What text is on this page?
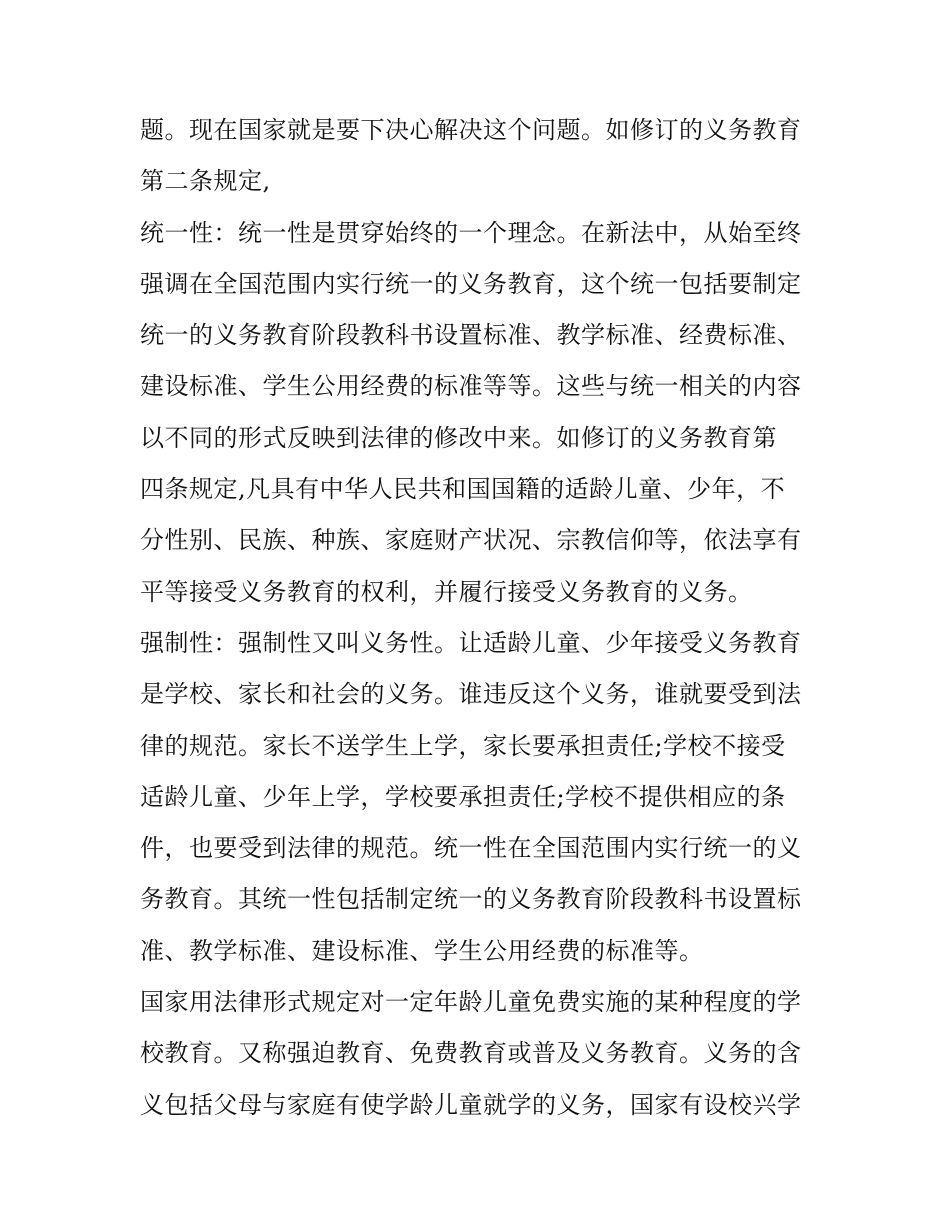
题。现在国家就是要下决心解决这个问题。如修订的义务教育
第二条规定,
统一性：统一性是贯穿始终的一个理念。在新法中，从始至终
强调在全国范围内实行统一的义务教育，这个统一包括要制定
统一的义务教育阶段教科书设置标准、教学标准、经费标准、
建设标准、学生公用经费的标准等等。这些与统一相关的内容
以不同的形式反映到法律的修改中来。如修订的义务教育第
四条规定,凡具有中华人民共和国国籍的适龄儿童、少年，不
分性别、民族、种族、家庭财产状况、宗教信仰等，依法享有
平等接受义务教育的权利，并履行接受义务教育的义务。
强制性：强制性又叫义务性。让适龄儿童、少年接受义务教育
是学校、家长和社会的义务。谁违反这个义务，谁就要受到法
律的规范。家长不送学生上学，家长要承担责任;学校不接受
适龄儿童、少年上学，学校要承担责任;学校不提供相应的条
件，也要受到法律的规范。统一性在全国范围内实行统一的义
务教育。其统一性包括制定统一的义务教育阶段教科书设置标
准、教学标准、建设标准、学生公用经费的标准等。
国家用法律形式规定对一定年龄儿童免费实施的某种程度的学
校教育。又称强迫教育、免费教育或普及义务教育。义务的含
义包括父母与家庭有使学龄儿童就学的义务，国家有设校兴学
